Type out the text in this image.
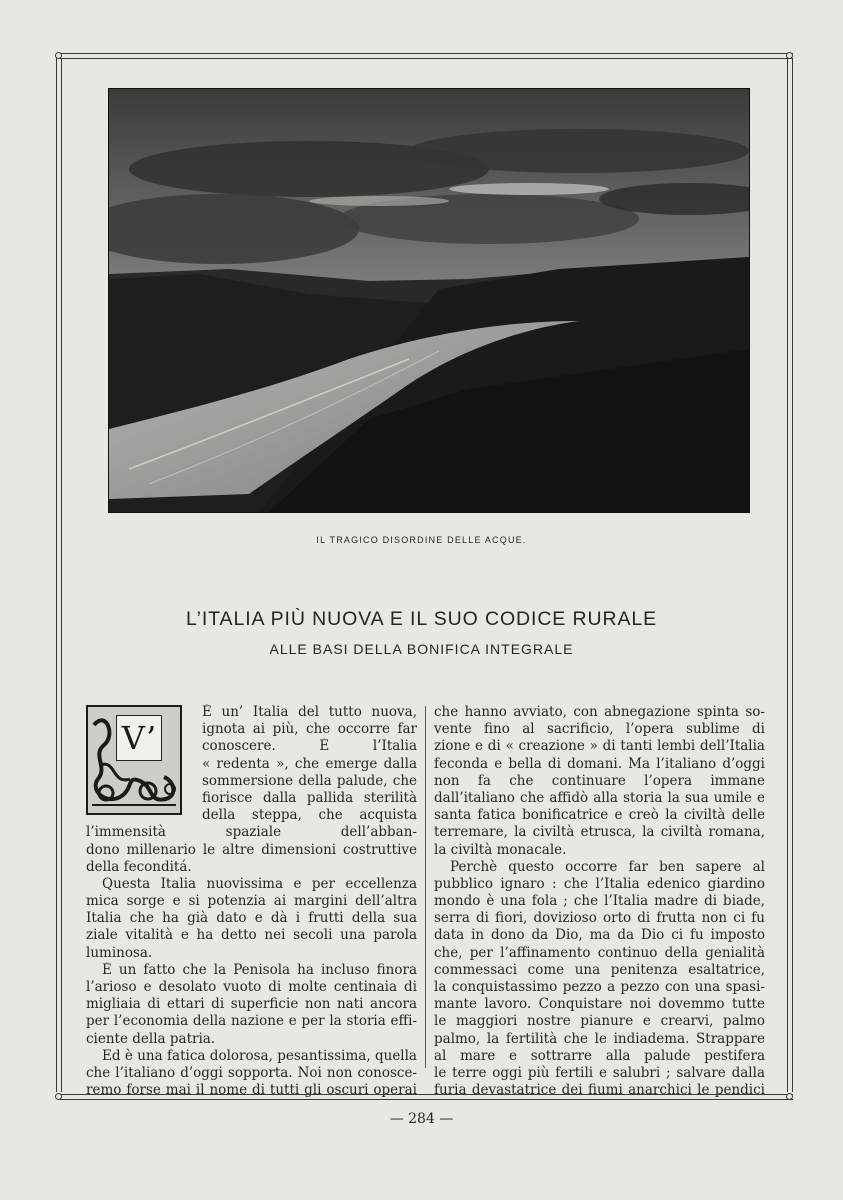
IL TRAGICO DISORDINE DELLE ACQUE.
L’ITALIA PIÙ NUOVA E IL SUO CODICE RURALE
ALLE BASI DELLA BONIFICA INTEGRALE
V’
È un’ Italia del tutto nuova,
ignota ai più, che occorre far
conoscere. È l’Italia
« redenta », che emerge dalla
sommersione della palude, che
fiorisce dalla pallida sterilità
della steppa, che acquista
l’immensità spaziale dell’abban-
dono millenario le altre dimensioni costruttive
della feconditá.
Questa Italia nuovissima e per eccellenza
mica sorge e si potenzia ai margini dell’altra
Italia che ha già dato e dà i frutti della sua
ziale vitalità e ha detto nei secoli una parola
luminosa.
È un fatto che la Penisola ha incluso finora
l’arioso e desolato vuoto di molte centinaia di
migliaia di ettari di superficie non nati ancora
per l’economia della nazione e per la storia effi-
ciente della patria.
Ed è una fatica dolorosa, pesantissima, quella
che l’italiano d’oggi sopporta. Noi non conosce-
remo forse mai il nome di tutti gli oscuri operai
che hanno avviato, con abnegazione spinta so-
vente fino al sacrificio, l’opera sublime di
zione e di « creazione » di tanti lembi dell’Italia
feconda e bella di domani. Ma l’italiano d’oggi
non fa che continuare l’opera immane
dall’italiano che affidò alla storia la sua umile e
santa fatica bonificatrice e creò la civiltà delle
terremare, la civiltà etrusca, la civiltà romana,
la civiltà monacale.
Perchè questo occorre far ben sapere al
pubblico ignaro : che l’Italia edenico giardino
mondo è una fola ; che l’Italia madre di biade,
serra di fiori, dovizioso orto di frutta non ci fu
data in dono da Dio, ma da Dio ci fu imposto
che, per l’affinamento continuo della genialità
commessaci come una penitenza esaltatrice,
la conquistassimo pezzo a pezzo con una spasi-
mante lavoro. Conquistare noi dovemmo tutte
le maggiori nostre pianure e crearvi, palmo
palmo, la fertilità che le indiadema. Strappare
al mare e sottrarre alla palude pestifera
le terre oggi più fertili e salubri ; salvare dalla
furia devastatrice dei fiumi anarchici le pendici
— 284 —
